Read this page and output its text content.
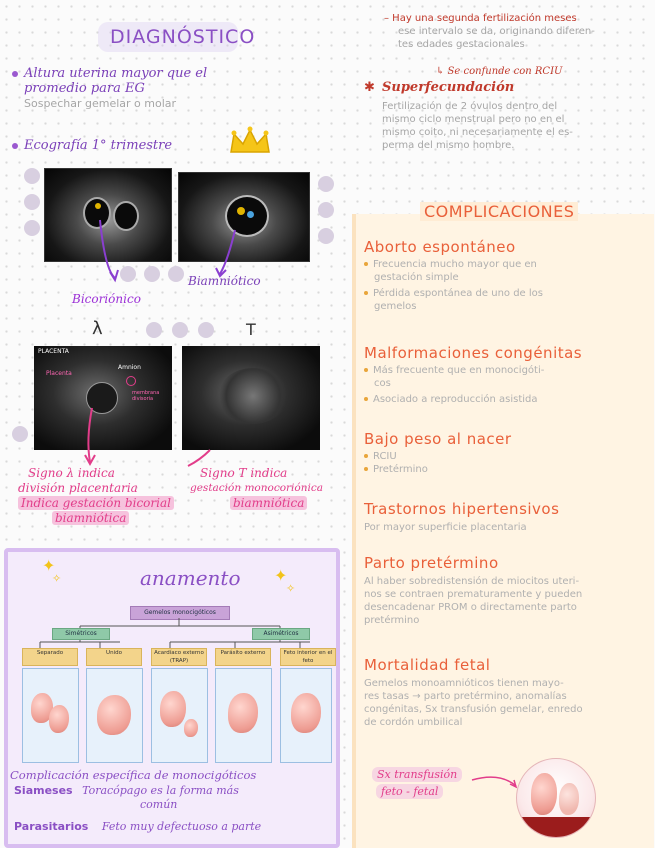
DIAGNÓSTICO
Altura uterina mayor que el
promedio para EG
Sospechar gemelar o molar
Ecografía 1° trimestre
Biamniótico
Bicoriónico
λ	T
PLACENTA
Placenta
Amnion
membrana divisoria
Signo λ indica
división placentaria
Indica gestación bicorial
biamniótica
Signo T indica
gestación monocoriónica
biamniótica
✦
✧	✦
✧
anamento
Gemelos monocigóticos
Simétricos	Asimétricos
Separado	Unido	Acardíaco externo (TRAP)
Parásito externo	Feto interior en el feto
Complicación específica de monocigóticos
Siameses Toracópago es la forma más
común
Parasitarios Feto muy defectuoso a parte
– Hay una segunda fertilización meses
ese intervalo se da, originando diferen-
tes edades gestacionales
↳ Se confunde con RCIU
✱ Superfecundación
Fertilización de 2 óvulos dentro del
mismo ciclo menstrual pero no en el
mismo coito, ni necesariamente el es-
perma del mismo hombre.
COMPLICACIONES
Aborto espontáneo
Frecuencia mucho mayor que en
gestación simple
Pérdida espontánea de uno de los
gemelos
Malformaciones congénitas
Más frecuente que en monocigóti-
cos
Asociado a reproducción asistida
Bajo peso al nacer
RCIU
Pretérmino
Trastornos hipertensivos
Por mayor superficie placentaria
Parto pretérmino
Al haber sobredistensión de miocitos uteri-
nos se contraen prematuramente y pueden
desencadenar PROM o directamente parto
pretérmino
Mortalidad fetal
Gemelos monoamnióticos tienen mayo-
res tasas → parto pretérmino, anomalías
congénitas, Sx transfusión gemelar, enredo
de cordón umbilical
Sx transfusión
feto - fetal
